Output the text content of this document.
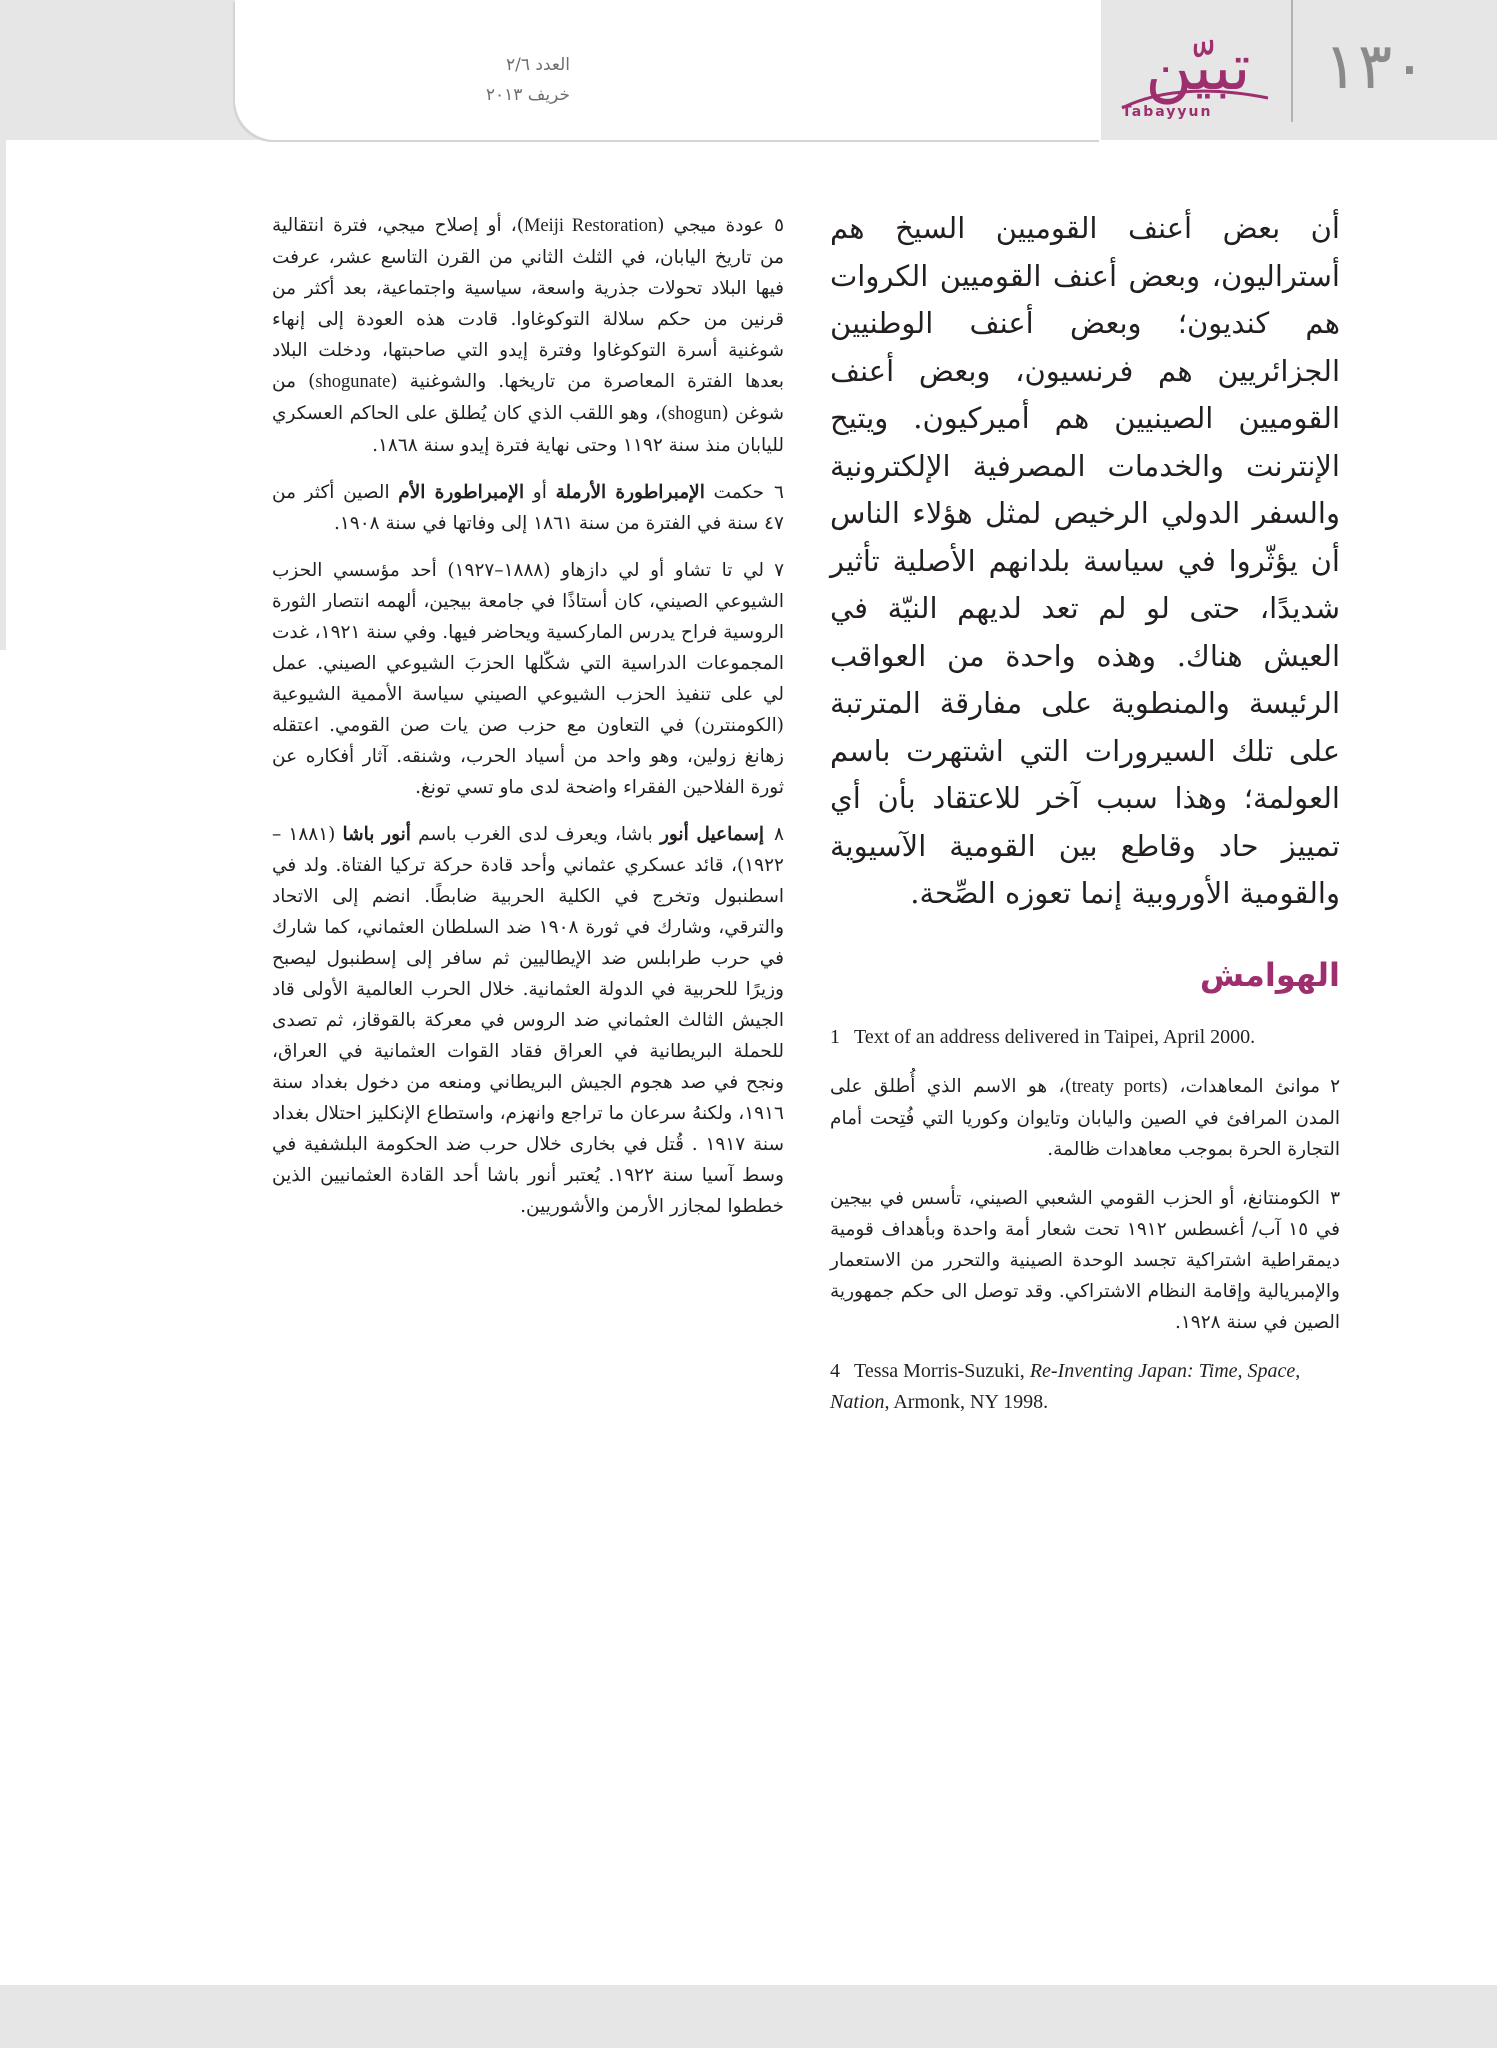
العدد ٢/٦
خريف ٢٠١٣	تبيّن
Tabayyun
١٣٠

أن بعض أعنف القوميين السيخ هم أستراليون، وبعض أعنف القوميين الكروات هم كنديون؛ وبعض أعنف الوطنيين الجزائريين هم فرنسيون، وبعض أعنف القوميين الصينيين هم أميركيون. ويتيح الإنترنت والخدمات المصرفية الإلكترونية والسفر الدولي الرخيص لمثل هؤلاء الناس أن يؤثّروا في سياسة بلدانهم الأصلية تأثير شديدًا، حتى لو لم تعد لديهم النيّة في العيش هناك. وهذه واحدة من العواقب الرئيسة والمنطوية على مفارقة المترتبة على تلك السيرورات التي اشتهرت باسم العولمة؛ وهذا سبب آخر للاعتقاد بأن أي تمييز حاد وقاطع بين القومية الآسيوية والقومية الأوروبية إنما تعوزه الصِّحة.

الهوامش

1 Text of an address delivered in Taipei, April 2000.

٢موانئ المعاهدات، (treaty ports)، هو الاسم الذي أُطلق على المدن المرافئ في الصين واليابان وتايوان وكوريا التي فُتِحت أمام التجارة الحرة بموجب معاهدات ظالمة.

٣الكومنتانغ، أو الحزب القومي الشعبي الصيني، تأسس في بيجين في ١٥ آب/ أغسطس ١٩١٢ تحت شعار أمة واحدة وبأهداف قومية ديمقراطية اشتراكية تجسد الوحدة الصينية والتحرر من الاستعمار والإمبريالية وإقامة النظام الاشتراكي. وقد توصل الى حكم جمهورية الصين في سنة ١٩٢٨.

4 Tessa Morris-Suzuki, Re-Inventing Japan: Time, Space, Nation, Armonk, NY 1998.

٥عودة ميجي (Meiji Restoration)، أو إصلاح ميجي، فترة انتقالية من تاريخ اليابان، في الثلث الثاني من القرن التاسع عشر، عرفت فيها البلاد تحولات جذرية واسعة، سياسية واجتماعية، بعد أكثر من قرنين من حكم سلالة التوكوغاوا. قادت هذه العودة إلى إنهاء شوغنية أسرة التوكوغاوا وفترة إيدو التي صاحبتها، ودخلت البلاد بعدها الفترة المعاصرة من تاريخها. والشوغنية (shogunate) من شوغن (shogun)، وهو اللقب الذي كان يُطلق على الحاكم العسكري لليابان منذ سنة ١١٩٢ وحتى نهاية فترة إيدو سنة ١٨٦٨.

٦حكمت الإمبراطورة الأرملة أو الإمبراطورة الأم الصين أكثر من ٤٧ سنة في الفترة من سنة ١٨٦١ إلى وفاتها في سنة ١٩٠٨.

٧لي تا تشاو أو لي دازهاو (١٨٨٨–١٩٢٧) أحد مؤسسي الحزب الشيوعي الصيني، كان أستاذًا في جامعة بيجين، ألهمه انتصار الثورة الروسية فراح يدرس الماركسية ويحاضر فيها. وفي سنة ١٩٢١، غدت المجموعات الدراسية التي شكّلها الحزبَ الشيوعي الصيني. عمل لي على تنفيذ الحزب الشيوعي الصيني سياسة الأممية الشيوعية (الكومنترن) في التعاون مع حزب صن يات صن القومي. اعتقله زهانغ زولين، وهو واحد من أسياد الحرب، وشنقه. آثار أفكاره عن ثورة الفلاحين الفقراء واضحة لدى ماو تسي تونغ.

٨إسماعيل أنور باشا، ويعرف لدى الغرب باسم أنور باشا (١٨٨١ – ١٩٢٢)، قائد عسكري عثماني وأحد قادة حركة تركيا الفتاة. ولد في اسطنبول وتخرج في الكلية الحربية ضابطًا. انضم إلى الاتحاد والترقي، وشارك في ثورة ١٩٠٨ ضد السلطان العثماني، كما شارك في حرب طرابلس ضد الإيطاليين ثم سافر إلى إسطنبول ليصبح وزيرًا للحربية في الدولة العثمانية. خلال الحرب العالمية الأولى قاد الجيش الثالث العثماني ضد الروس في معركة بالقوقاز، ثم تصدى للحملة البريطانية في العراق فقاد القوات العثمانية في العراق، ونجح في صد هجوم الجيش البريطاني ومنعه من دخول بغداد سنة ١٩١٦، ولكنهُ سرعان ما تراجع وانهزم، واستطاع الإنكليز احتلال بغداد سنة ١٩١٧ . قُتل في بخارى خلال حرب ضد الحكومة البلشفية في وسط آسيا سنة ١٩٢٢. يُعتبر أنور باشا أحد القادة العثمانيين الذين خططوا لمجازر الأرمن والأشوريين.
